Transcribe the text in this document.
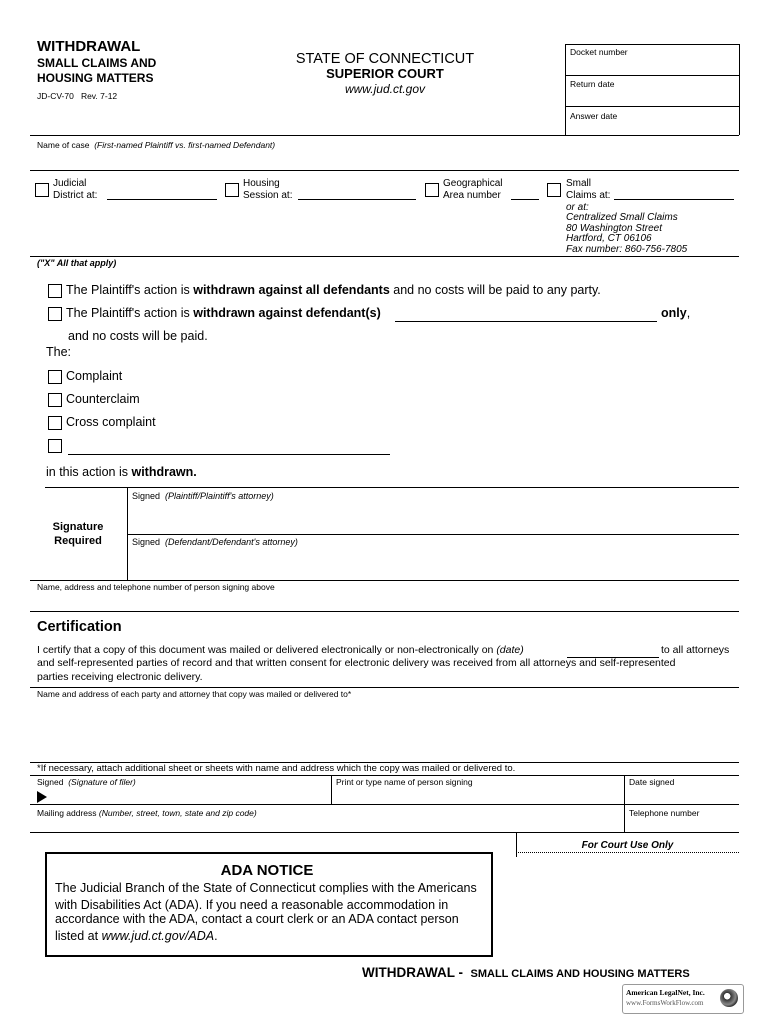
WITHDRAWAL
SMALL CLAIMS AND
HOUSING MATTERS
JD-CV-70 Rev. 7-12
STATE OF CONNECTICUT
SUPERIOR COURT
www.jud.ct.gov
Docket number
Return date
Answer date
Name of case (First-named Plaintiff vs. first-named Defendant)
Judicial
District at:
Housing
Session at:
Geographical
Area number
Small
Claims at:
or at:
Centralized Small Claims
80 Washington Street
Hartford, CT 06106
Fax number: 860-756-7805
("X" All that apply)
The Plaintiff's action is withdrawn against all defendants and no costs will be paid to any party.
The Plaintiff's action is withdrawn against defendant(s)	only,
and no costs will be paid.
The:
Complaint
Counterclaim
Cross complaint
in this action is withdrawn.
Signature
Required
Signed (Plaintiff/Plaintiff's attorney)
Signed (Defendant/Defendant's attorney)
Name, address and telephone number of person signing above
Certification
I certify that a copy of this document was mailed or delivered electronically or non-electronically on (date)	to all attorneys
and self-represented parties of record and that written consent for electronic delivery was received from all attorneys and self-represented
parties receiving electronic delivery.
Name and address of each party and attorney that copy was mailed or delivered to*
*If necessary, attach additional sheet or sheets with name and address which the copy was mailed or delivered to.
Signed (Signature of filer)	Print or type name of person signing	Date signed
Mailing address (Number, street, town, state and zip code)	Telephone number
For Court Use Only
ADA NOTICE
The Judicial Branch of the State of Connecticut complies with the Americans
with Disabilities Act (ADA). If you need a reasonable accommodation in
accordance with the ADA, contact a court clerk or an ADA contact person
listed at www.jud.ct.gov/ADA.
WITHDRAWAL - SMALL CLAIMS AND HOUSING MATTERS
American LegalNet, Inc.
www.FormsWorkFlow.com
